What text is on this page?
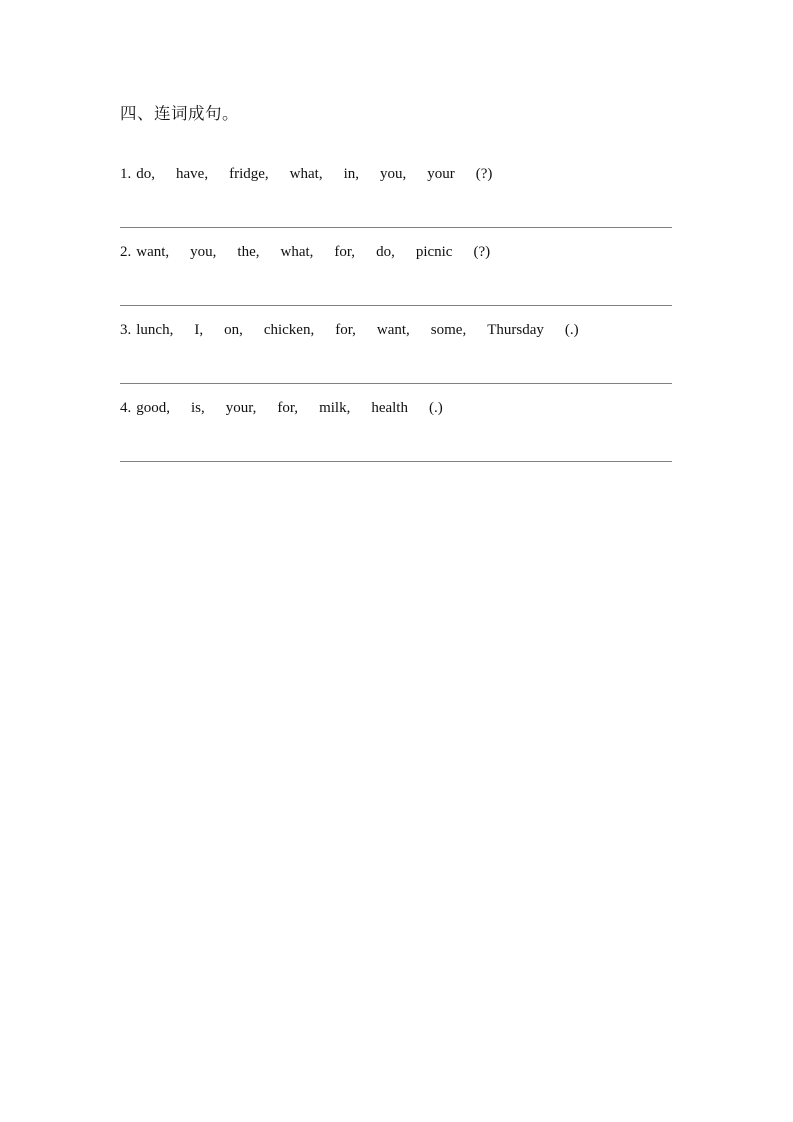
四、连词成句。

1. do, have, fridge, what, in, you, your (?)

2. want, you, the, what, for, do, picnic (?)

3. lunch, I, on, chicken, for, want, some, Thursday (.)

4. good, is, your, for, milk, health (.)
